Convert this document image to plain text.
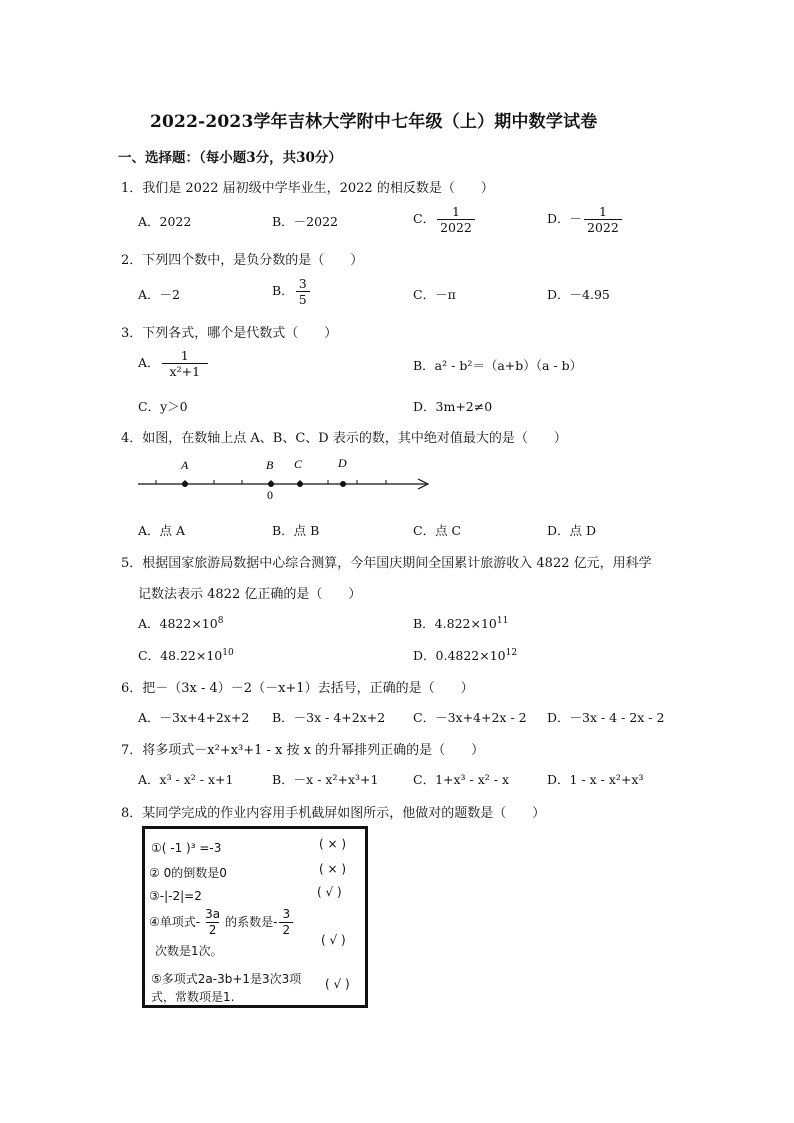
2022-2023学年吉林大学附中七年级（上）期中数学试卷
一、选择题：（每小题3分，共30分）
1．我们是 2022 届初级中学毕业生，2022 的相反数是（　　）
A．2022	B．－2022	C． $\frac{1}{2022}$	D．－ $\frac{1}{2022}$
2．下列四个数中，是负分数的是（　　）
A．－2	B． $\frac{3}{5}$	C．－π	D．－4.95
3．下列各式，哪个是代数式（　　）
A． $\frac{1}{\text{x²+1}}$	B．a² - b²＝（a+b）（a - b）
C．y＞0	D．3m+2≠0
4．如图，在数轴上点 A、B、C、D 表示的数，其中绝对值最大的是（　　）
A	B C	D
0
A．点 A	B．点 B	C．点 C	D．点 D
5．根据国家旅游局数据中心综合测算，今年国庆期间全国累计旅游收入 4822 亿元，用科学
记数法表示 4822 亿正确的是（　　）
A．$4822\times 10^8$	B．$4.822\times 10^{11}$
C．$48.22\times 10^{10}$	D．$0.4822\times 10^{12}$
6．把－（3x - 4）－2（－x+1）去括号，正确的是（　　）
A．－3x+4+2x+2 B．－3x - 4+2x+2 C．－3x+4+2x - 2 D．－3x - 4 - 2x - 2
7．将多项式－x²+x³+1 - x 按 x 的升幂排列正确的是（　　）
A．x³ - x² - x+1	B．－x - x²+x³+1	C．1+x³ - x² - x	D．1 - x - x²+x³
8．某同学完成的作业内容用手机截屏如图所示，他做对的题数是（　　）
①( -1 )³ =-3	( × )
② 0的倒数是0	( × )
③-|-2|=2	( √ )
④单项式- $\frac{3a}{2}$ 的系数是- $\frac{3}{2}$
次数是1次。
( √ )
⑤多项式2a-3b+1是3次3项
式，常数项是1.
( √ )
